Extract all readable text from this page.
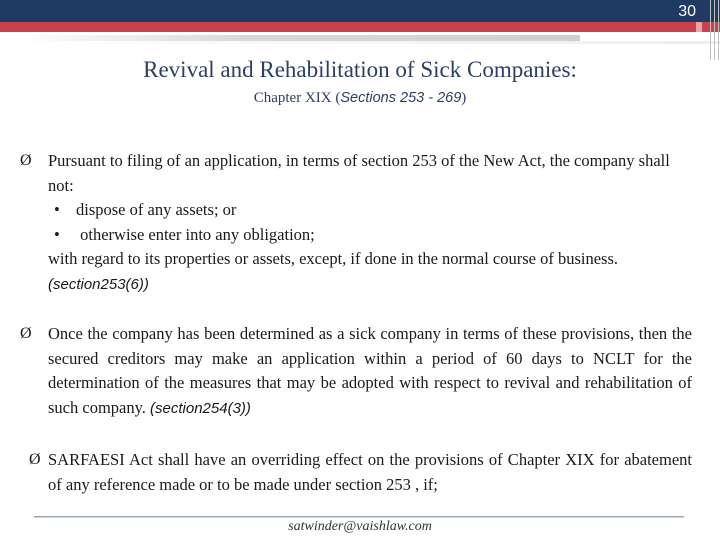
30
Revival and Rehabilitation of Sick Companies:
Chapter XIX (Sections 253 - 269)
Ø Pursuant to filing of an application, in terms of section 253 of the New Act, the company shall not:
• dispose of any assets; or
• otherwise enter into any obligation;
with regard to its properties or assets, except, if done in the normal course of business. (section253(6))
Ø Once the company has been determined as a sick company in terms of these provisions, then the secured creditors may make an application within a period of 60 days to NCLT for the determination of the measures that may be adopted with respect to revival and rehabilitation of such company. (section254(3))
Ø SARFAESI Act shall have an overriding effect on the provisions of Chapter XIX for abatement of any reference made or to be made under section 253 , if;
satwinder@vaishlaw.com
